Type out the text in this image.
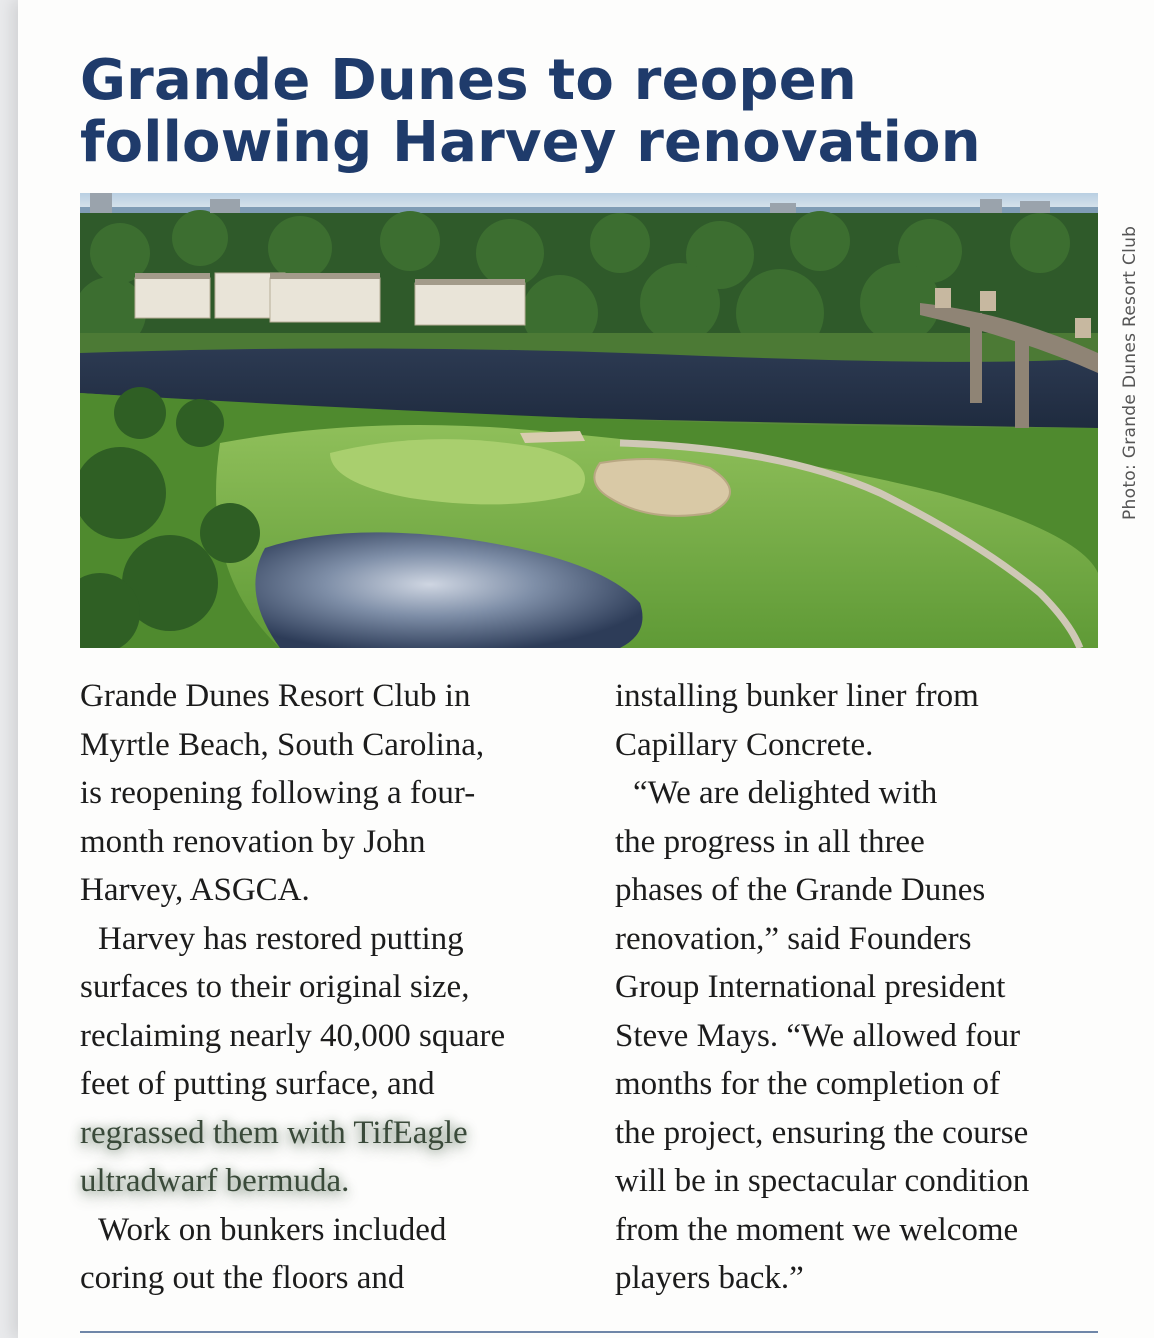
Grande Dunes to reopen
following Harvey renovation
Photo: Grande Dunes Resort Club
Grande Dunes Resort Club in
Myrtle Beach, South Carolina,
is reopening following a four-
month renovation by John
Harvey, ASGCA.
Harvey has restored putting
surfaces to their original size,
reclaiming nearly 40,000 square
feet of putting surface, and
regrassed them with TifEagle
ultradwarf bermuda.
Work on bunkers included
coring out the floors and
installing bunker liner from
Capillary Concrete.
“We are delighted with
the progress in all three
phases of the Grande Dunes
renovation,” said Founders
Group International president
Steve Mays. “We allowed four
months for the completion of
the project, ensuring the course
will be in spectacular condition
from the moment we welcome
players back.”
